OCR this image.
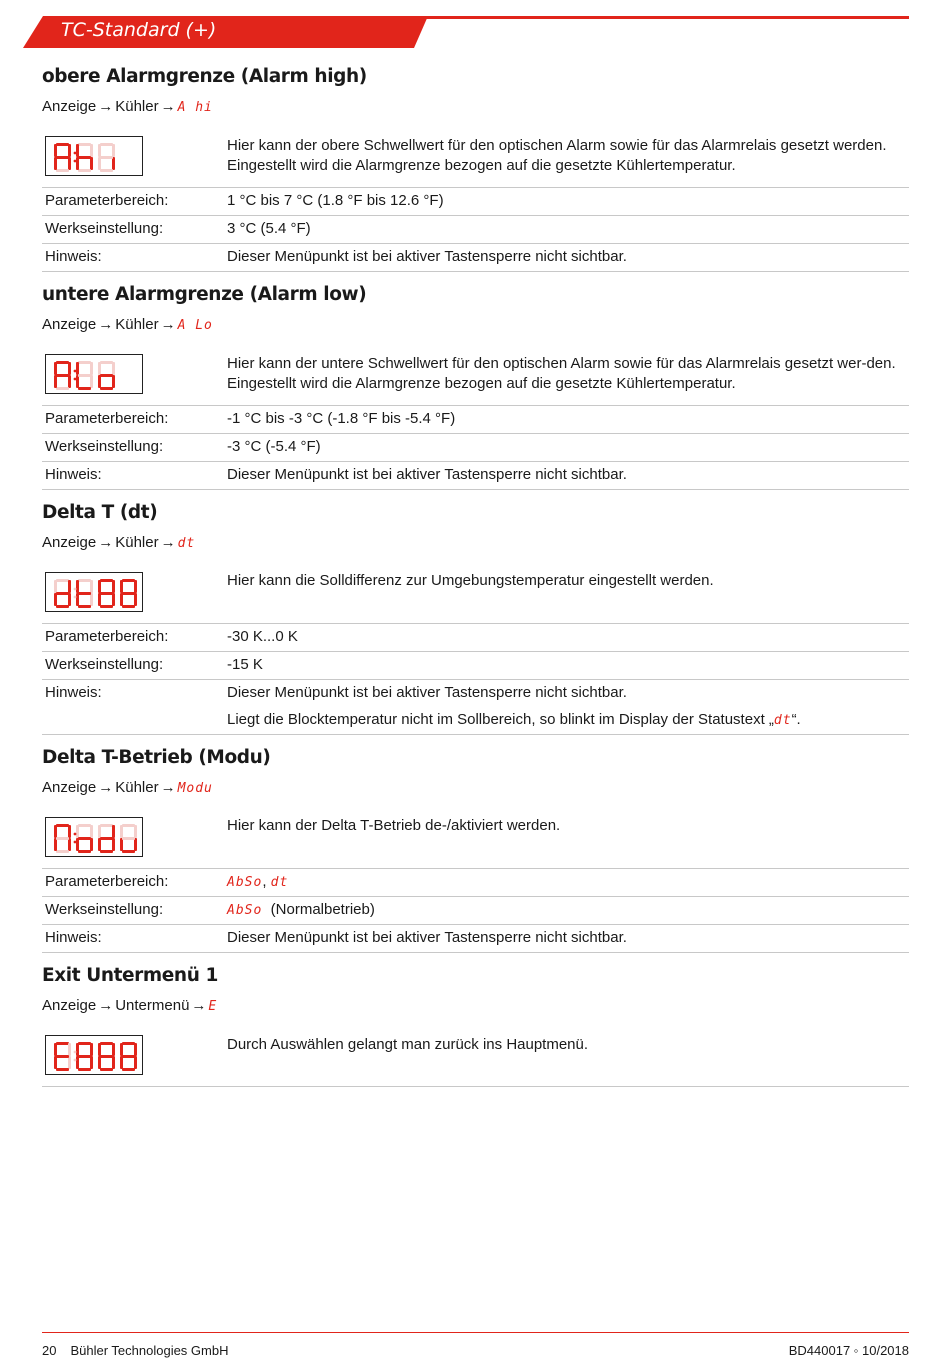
TC-Standard (+)
obere Alarmgrenze (Alarm high)
Anzeige → Kühler → A hi
Hier kann der obere Schwellwert für den optischen Alarm sowie für das Alarmrelais gesetzt werden. Eingestellt wird die Alarmgrenze bezogen auf die gesetzte Kühlertemperatur.
Parameterbereich:	1 °C bis 7 °C (1.8 °F bis 12.6 °F)
Werkseinstellung:	3 °C (5.4 °F)
Hinweis:	Dieser Menüpunkt ist bei aktiver Tastensperre nicht sichtbar.
untere Alarmgrenze (Alarm low)
Anzeige → Kühler → A Lo
Hier kann der untere Schwellwert für den optischen Alarm sowie für das Alarmrelais gesetzt wer-den. Eingestellt wird die Alarmgrenze bezogen auf die gesetzte Kühlertemperatur.
Parameterbereich:	-1 °C bis -3 °C (-1.8 °F bis -5.4 °F)
Werkseinstellung:	-3 °C (-5.4 °F)
Hinweis:	Dieser Menüpunkt ist bei aktiver Tastensperre nicht sichtbar.
Delta T (dt)
Anzeige → Kühler → dt
Hier kann die Solldifferenz zur Umgebungstemperatur eingestellt werden.
Parameterbereich:	-30 K...0 K
Werkseinstellung:	-15 K
Hinweis:	Dieser Menüpunkt ist bei aktiver Tastensperre nicht sichtbar.
Liegt die Blocktemperatur nicht im Sollbereich, so blinkt im Display der Statustext „dt“.
Delta T-Betrieb (Modu)
Anzeige → Kühler → Modu
Hier kann der Delta T-Betrieb de-/aktiviert werden.
Parameterbereich:	AbSo, dt
Werkseinstellung:	AbSo (Normalbetrieb)
Hinweis:	Dieser Menüpunkt ist bei aktiver Tastensperre nicht sichtbar.
Exit Untermenü 1
Anzeige → Untermenü → E
Durch Auswählen gelangt man zurück ins Hauptmenü.
20 Bühler Technologies GmbH	BD440017 ◦ 10/2018
